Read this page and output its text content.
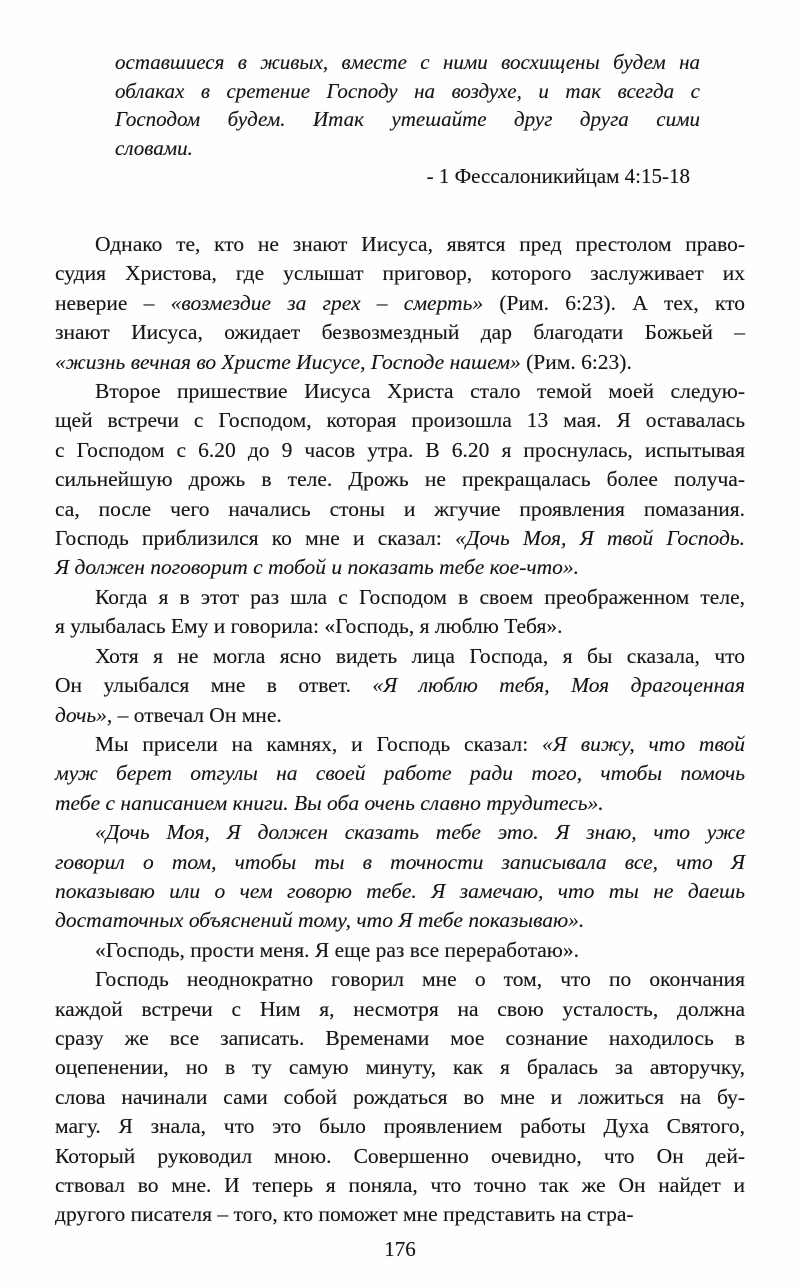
оставшиеся в живых, вместе с ними восхищены будем на
облаках в сретение Господу на воздухе, и так всегда с
Господом будем. Итак утешайте друг друга сими
словами.
- 1 Фессалоникийцам 4:15-18
Однако те, кто не знают Иисуса, явятся пред престолом право-
судия Христова, где услышат приговор, которого заслуживает их
неверие – «возмездие за грех – смерть» (Рим. 6:23). А тех, кто
знают Иисуса, ожидает безвозмездный дар благодати Божьей –
«жизнь вечная во Христе Иисусе, Господе нашем» (Рим. 6:23).
Второе пришествие Иисуса Христа стало темой моей следую-
щей встречи с Господом, которая произошла 13 мая. Я оставалась
с Господом с 6.20 до 9 часов утра. В 6.20 я проснулась, испытывая
сильнейшую дрожь в теле. Дрожь не прекращалась более получа-
са, после чего начались стоны и жгучие проявления помазания.
Господь приблизился ко мне и сказал: «Дочь Моя, Я твой Господь.
Я должен поговорит с тобой и показать тебе кое-что».
Когда я в этот раз шла с Господом в своем преображенном теле,
я улыбалась Ему и говорила: «Господь, я люблю Тебя».
Хотя я не могла ясно видеть лица Господа, я бы сказала, что
Он улыбался мне в ответ. «Я люблю тебя, Моя драгоценная
дочь», – отвечал Он мне.
Мы присели на камнях, и Господь сказал: «Я вижу, что твой
муж берет отгулы на своей работе ради того, чтобы помочь
тебе с написанием книги. Вы оба очень славно трудитесь».
«Дочь Моя, Я должен сказать тебе это. Я знаю, что уже
говорил о том, чтобы ты в точности записывала все, что Я
показываю или о чем говорю тебе. Я замечаю, что ты не даешь
достаточных объяснений тому, что Я тебе показываю».
«Господь, прости меня. Я еще раз все переработаю».
Господь неоднократно говорил мне о том, что по окончания
каждой встречи с Ним я, несмотря на свою усталость, должна
сразу же все записать. Временами мое сознание находилось в
оцепенении, но в ту самую минуту, как я бралась за авторучку,
слова начинали сами собой рождаться во мне и ложиться на бу-
магу. Я знала, что это было проявлением работы Духа Святого,
Который руководил мною. Совершенно очевидно, что Он дей-
ствовал во мне. И теперь я поняла, что точно так же Он найдет и
другого писателя – того, кто поможет мне представить на стра-
176
